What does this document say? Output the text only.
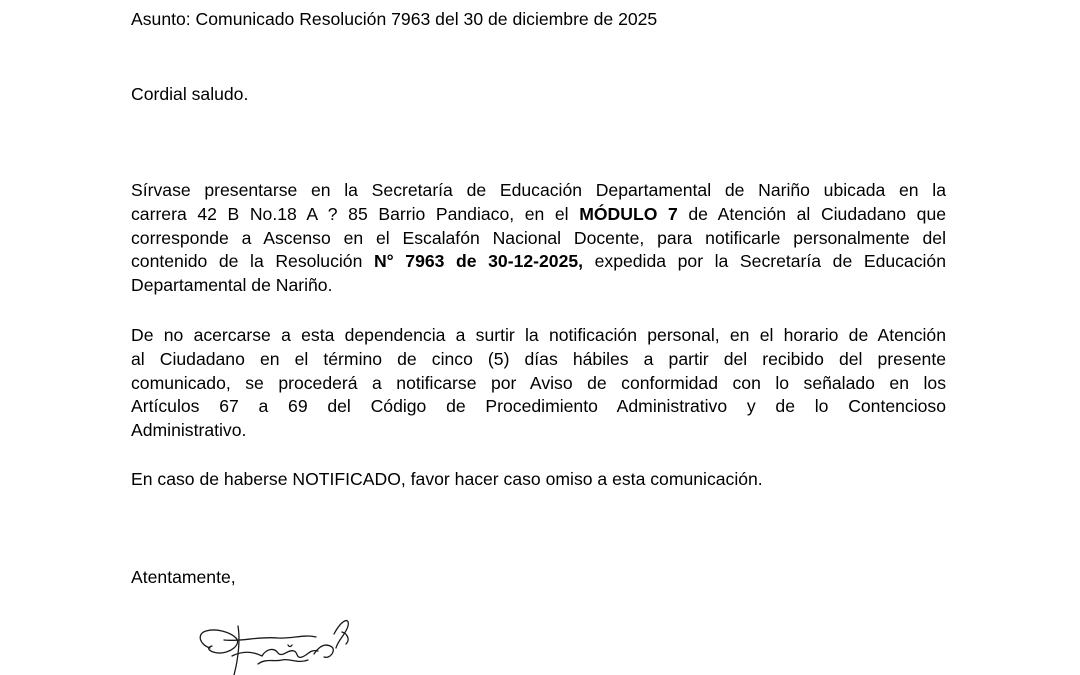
Asunto: Comunicado Resolución 7963 del 30 de diciembre de 2025

Cordial saludo.

Sírvase presentarse en la Secretaría de Educación Departamental de Nariño ubicada en la
carrera 42 B No.18 A ? 85 Barrio Pandiaco, en el MÓDULO 7 de Atención al Ciudadano que
corresponde a Ascenso en el Escalafón Nacional Docente, para notificarle personalmente del
contenido de la Resolución N° 7963 de 30-12-2025, expedida por la Secretaría de Educación
Departamental de Nariño.
De no acercarse a esta dependencia a surtir la notificación personal, en el horario de Atención
al Ciudadano en el término de cinco (5) días hábiles a partir del recibido del presente
comunicado, se procederá a notificarse por Aviso de conformidad con lo señalado en los
Artículos 67 a 69 del Código de Procedimiento Administrativo y de lo Contencioso
Administrativo.

En caso de haberse NOTIFICADO, favor hacer caso omiso a esta comunicación.

Atentamente,
